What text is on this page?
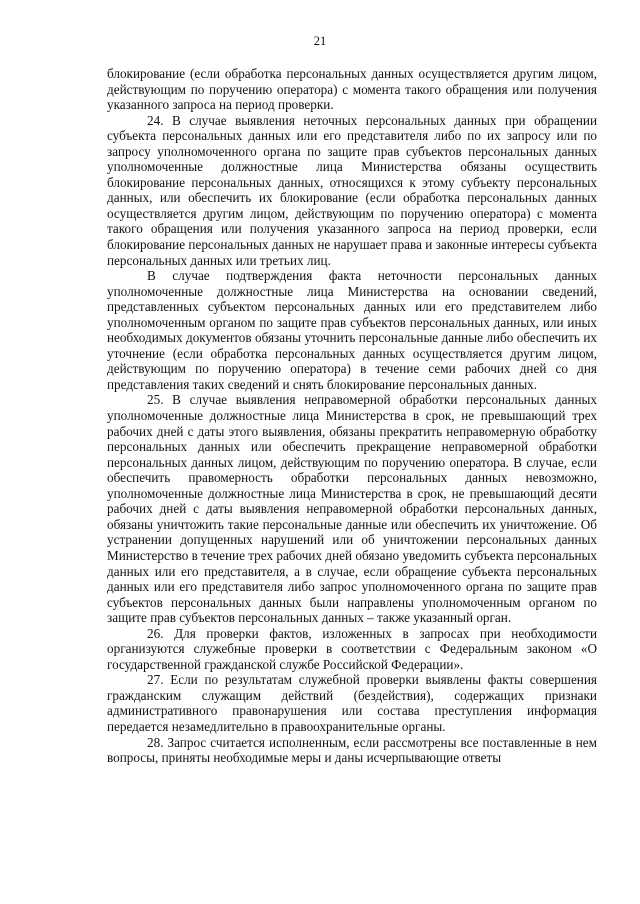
21

блокирование (если обработка персональных данных осуществляется другим лицом, действующим по поручению оператора) с момента такого обращения или получения указанного запроса на период проверки.

24. В случае выявления неточных персональных данных при обращении субъекта персональных данных или его представителя либо по их запросу или по запросу уполномоченного органа по защите прав субъектов персональных данных уполномоченные должностные лица Министерства обязаны осуществить блокирование персональных данных, относящихся к этому субъекту персональных данных, или обеспечить их блокирование (если обработка персональных данных осуществляется другим лицом, действующим по поручению оператора) с момента такого обращения или получения указанного запроса на период проверки, если блокирование персональных данных не нарушает права и законные интересы субъекта персональных данных или третьих лиц.

В случае подтверждения факта неточности персональных данных уполномоченные должностные лица Министерства на основании сведений, представленных субъектом персональных данных или его представителем либо уполномоченным органом по защите прав субъектов персональных данных, или иных необходимых документов обязаны уточнить персональные данные либо обеспечить их уточнение (если обработка персональных данных осуществляется другим лицом, действующим по поручению оператора) в течение семи рабочих дней со дня представления таких сведений и снять блокирование персональных данных.

25. В случае выявления неправомерной обработки персональных данных уполномоченные должностные лица Министерства в срок, не превышающий трех рабочих дней с даты этого выявления, обязаны прекратить неправомерную обработку персональных данных или обеспечить прекращение неправомерной обработки персональных данных лицом, действующим по поручению оператора. В случае, если обеспечить правомерность обработки персональных данных невозможно, уполномоченные должностные лица Министерства в срок, не превышающий десяти рабочих дней с даты выявления неправомерной обработки персональных данных, обязаны уничтожить такие персональные данные или обеспечить их уничтожение. Об устранении допущенных нарушений или об уничтожении персональных данных Министерство в течение трех рабочих дней обязано уведомить субъекта персональных данных или его представителя, а в случае, если обращение субъекта персональных данных или его представителя либо запрос уполномоченного органа по защите прав субъектов персональных данных были направлены уполномоченным органом по защите прав субъектов персональных данных – также указанный орган.

26. Для проверки фактов, изложенных в запросах при необходимости организуются служебные проверки в соответствии с Федеральным законом «О государственной гражданской службе Российской Федерации».

27. Если по результатам служебной проверки выявлены факты совершения гражданским служащим действий (бездействия), содержащих признаки административного правонарушения или состава преступления информация передается незамедлительно в правоохранительные органы.

28. Запрос считается исполненным, если рассмотрены все поставленные в нем вопросы, приняты необходимые меры и даны исчерпывающие ответы
